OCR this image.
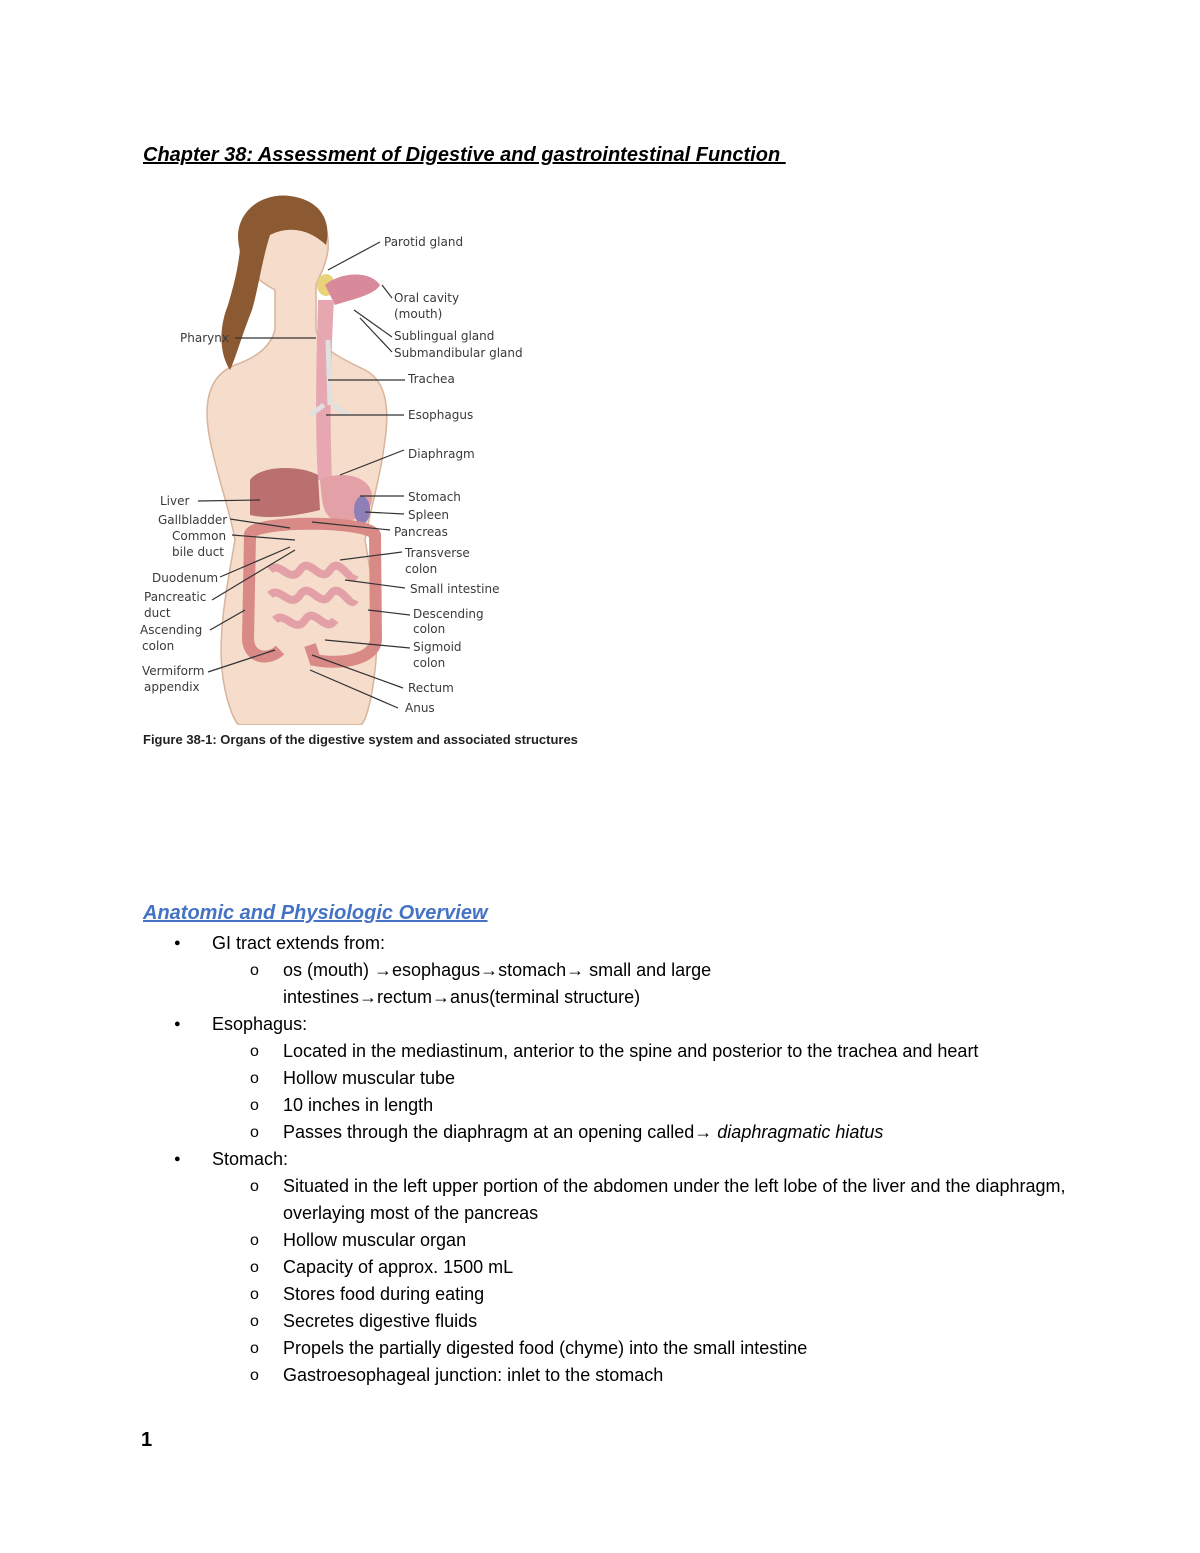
Chapter 38: Assessment of Digestive and gastrointestinal Function
Parotid gland
Oral cavity
(mouth)
Sublingual gland
Submandibular gland
Trachea
Esophagus
Diaphragm
Stomach
Spleen
Pancreas
Transverse
colon
Small intestine
Descending
colon
Sigmoid
colon
Rectum
Anus
Pharynx
Liver
Gallbladder
Common
bile duct
Duodenum
Pancreatic
duct
Ascending
colon
Vermiform
appendix
Figure 38-1: Organs of the digestive system and associated structures
Anatomic and Physiologic Overview
● GI tract extends from:
o os (mouth) →esophagus→stomach→ small and large
intestines→rectum→anus(terminal structure)
● Esophagus:
o Located in the mediastinum, anterior to the spine and posterior to the trachea and heart
o Hollow muscular tube
o 10 inches in length
o Passes through the diaphragm at an opening called→ diaphragmatic hiatus
● Stomach:
o Situated in the left upper portion of the abdomen under the left lobe of the liver and the diaphragm, overlaying most of the pancreas
o Hollow muscular organ
o Capacity of approx. 1500 mL
o Stores food during eating
o Secretes digestive fluids
o Propels the partially digested food (chyme) into the small intestine
o Gastroesophageal junction: inlet to the stomach
1
